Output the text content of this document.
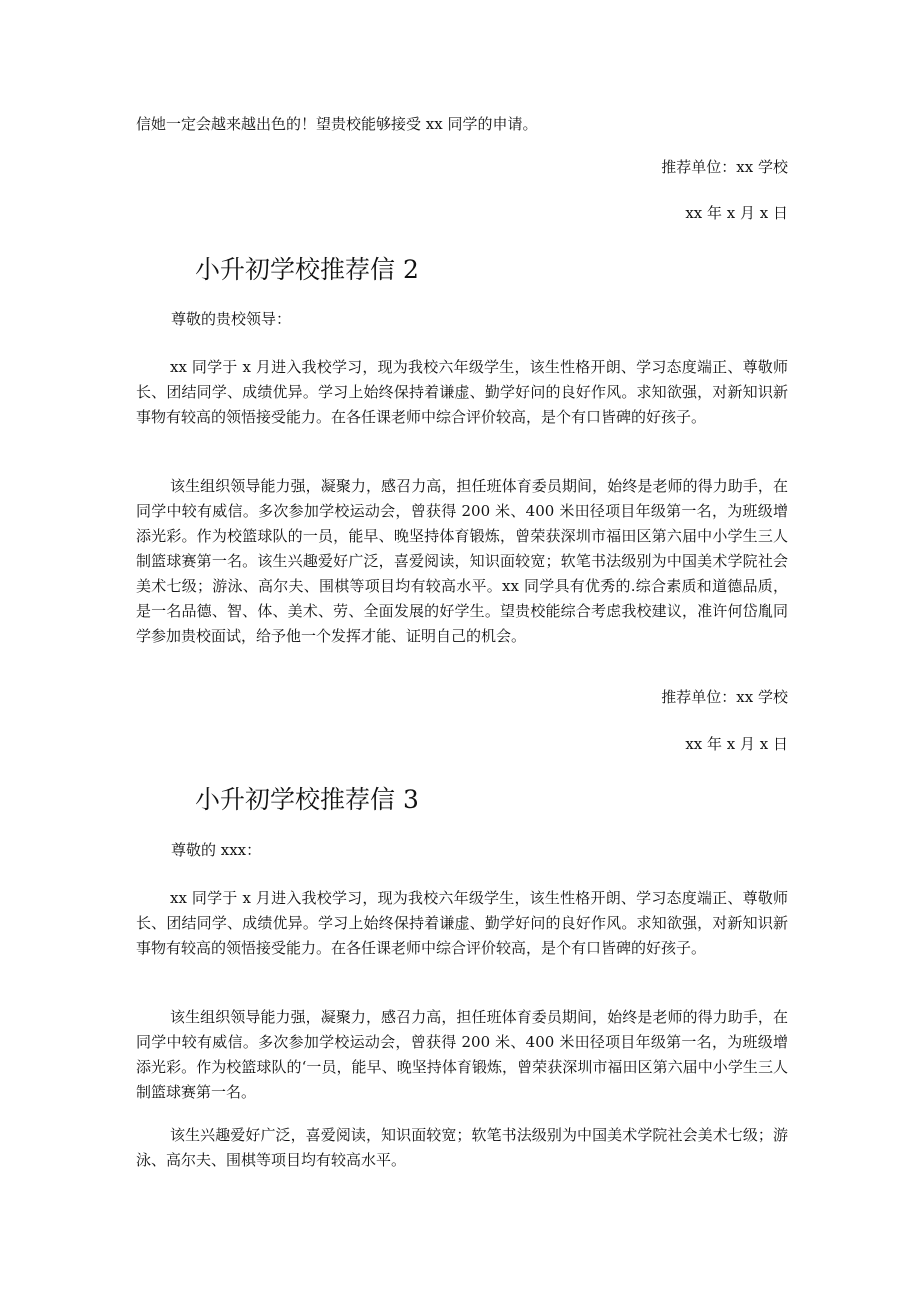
信她一定会越来越出色的！望贵校能够接受 xx 同学的申请。

推荐单位：xx 学校

xx 年 x 月 x 日

小升初学校推荐信 2

尊敬的贵校领导：

xx 同学于 x 月进入我校学习，现为我校六年级学生，该生性格开朗、学习态度端正、尊敬师长、团结同学、成绩优异。学习上始终保持着谦虚、勤学好问的良好作风。求知欲强，对新知识新事物有较高的领悟接受能力。在各任课老师中综合评价较高，是个有口皆碑的好孩子。

该生组织领导能力强，凝聚力，感召力高，担任班体育委员期间，始终是老师的得力助手，在同学中较有威信。多次参加学校运动会，曾获得 200 米、400 米田径项目年级第一名，为班级增添光彩。作为校篮球队的一员，能早、晚坚持体育锻炼，曾荣获深圳市福田区第六届中小学生三人制篮球赛第一名。该生兴趣爱好广泛，喜爱阅读，知识面较宽；软笔书法级别为中国美术学院社会美术七级；游泳、高尔夫、围棋等项目均有较高水平。xx 同学具有优秀的.综合素质和道德品质，是一名品德、智、体、美术、劳、全面发展的好学生。望贵校能综合考虑我校建议，准许何岱胤同学参加贵校面试，给予他一个发挥才能、证明自己的机会。

推荐单位：xx 学校

xx 年 x 月 x 日

小升初学校推荐信 3

尊敬的 xxx：

xx 同学于 x 月进入我校学习，现为我校六年级学生，该生性格开朗、学习态度端正、尊敬师长、团结同学、成绩优异。学习上始终保持着谦虚、勤学好问的良好作风。求知欲强，对新知识新事物有较高的领悟接受能力。在各任课老师中综合评价较高，是个有口皆碑的好孩子。

该生组织领导能力强，凝聚力，感召力高，担任班体育委员期间，始终是老师的得力助手，在同学中较有威信。多次参加学校运动会，曾获得 200 米、400 米田径项目年级第一名，为班级增添光彩。作为校篮球队的‘一员，能早、晚坚持体育锻炼，曾荣获深圳市福田区第六届中小学生三人制篮球赛第一名。

该生兴趣爱好广泛，喜爱阅读，知识面较宽；软笔书法级别为中国美术学院社会美术七级；游泳、高尔夫、围棋等项目均有较高水平。
